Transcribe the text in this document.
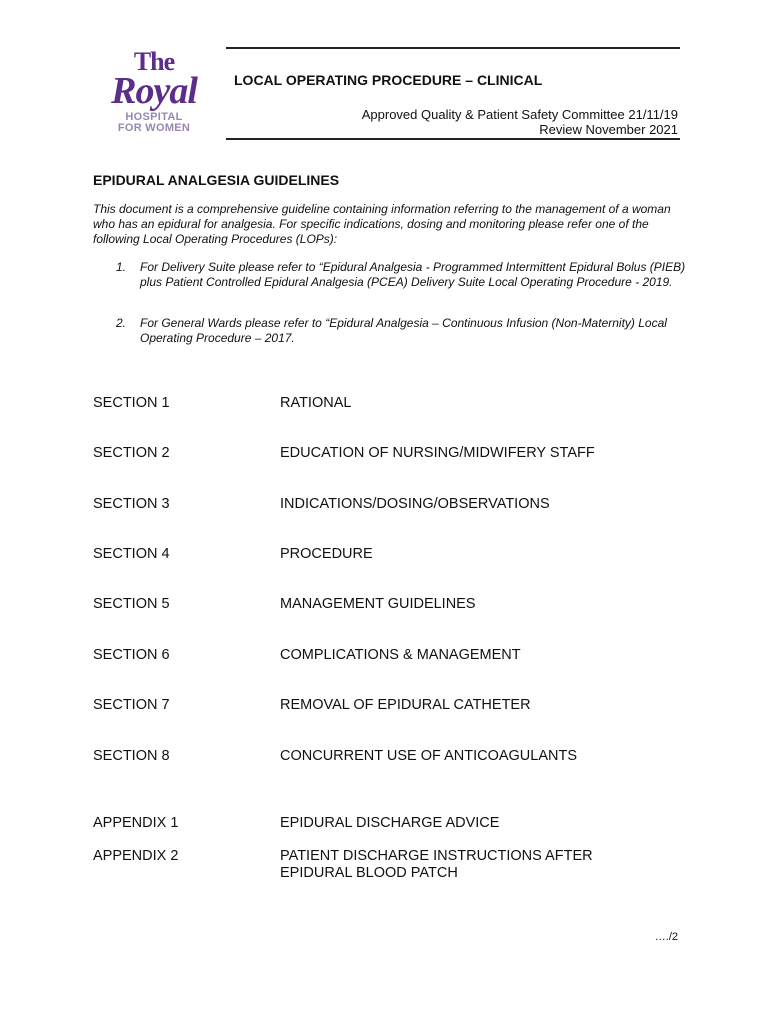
The
Royal
HOSPITAL
FOR WOMEN
LOCAL OPERATING PROCEDURE – CLINICAL
Approved Quality & Patient Safety Committee 21/11/19
Review November 2021
EPIDURAL ANALGESIA GUIDELINES
This document is a comprehensive guideline containing information referring to the management of a woman who has an epidural for analgesia. For specific indications, dosing and monitoring please refer one of the following Local Operating Procedures (LOPs):
1. For Delivery Suite please refer to “Epidural Analgesia - Programmed Intermittent Epidural Bolus (PIEB) plus Patient Controlled Epidural Analgesia (PCEA) Delivery Suite Local Operating Procedure - 2019.
2. For General Wards please refer to “Epidural Analgesia – Continuous Infusion (Non-Maternity) Local Operating Procedure – 2017.
SECTION 1	RATIONAL
SECTION 2	EDUCATION OF NURSING/MIDWIFERY STAFF
SECTION 3	INDICATIONS/DOSING/OBSERVATIONS
SECTION 4	PROCEDURE
SECTION 5	MANAGEMENT GUIDELINES
SECTION 6	COMPLICATIONS & MANAGEMENT
SECTION 7	REMOVAL OF EPIDURAL CATHETER
SECTION 8	CONCURRENT USE OF ANTICOAGULANTS
APPENDIX 1	EPIDURAL DISCHARGE ADVICE
APPENDIX 2	PATIENT DISCHARGE INSTRUCTIONS AFTER EPIDURAL BLOOD PATCH
…./2
